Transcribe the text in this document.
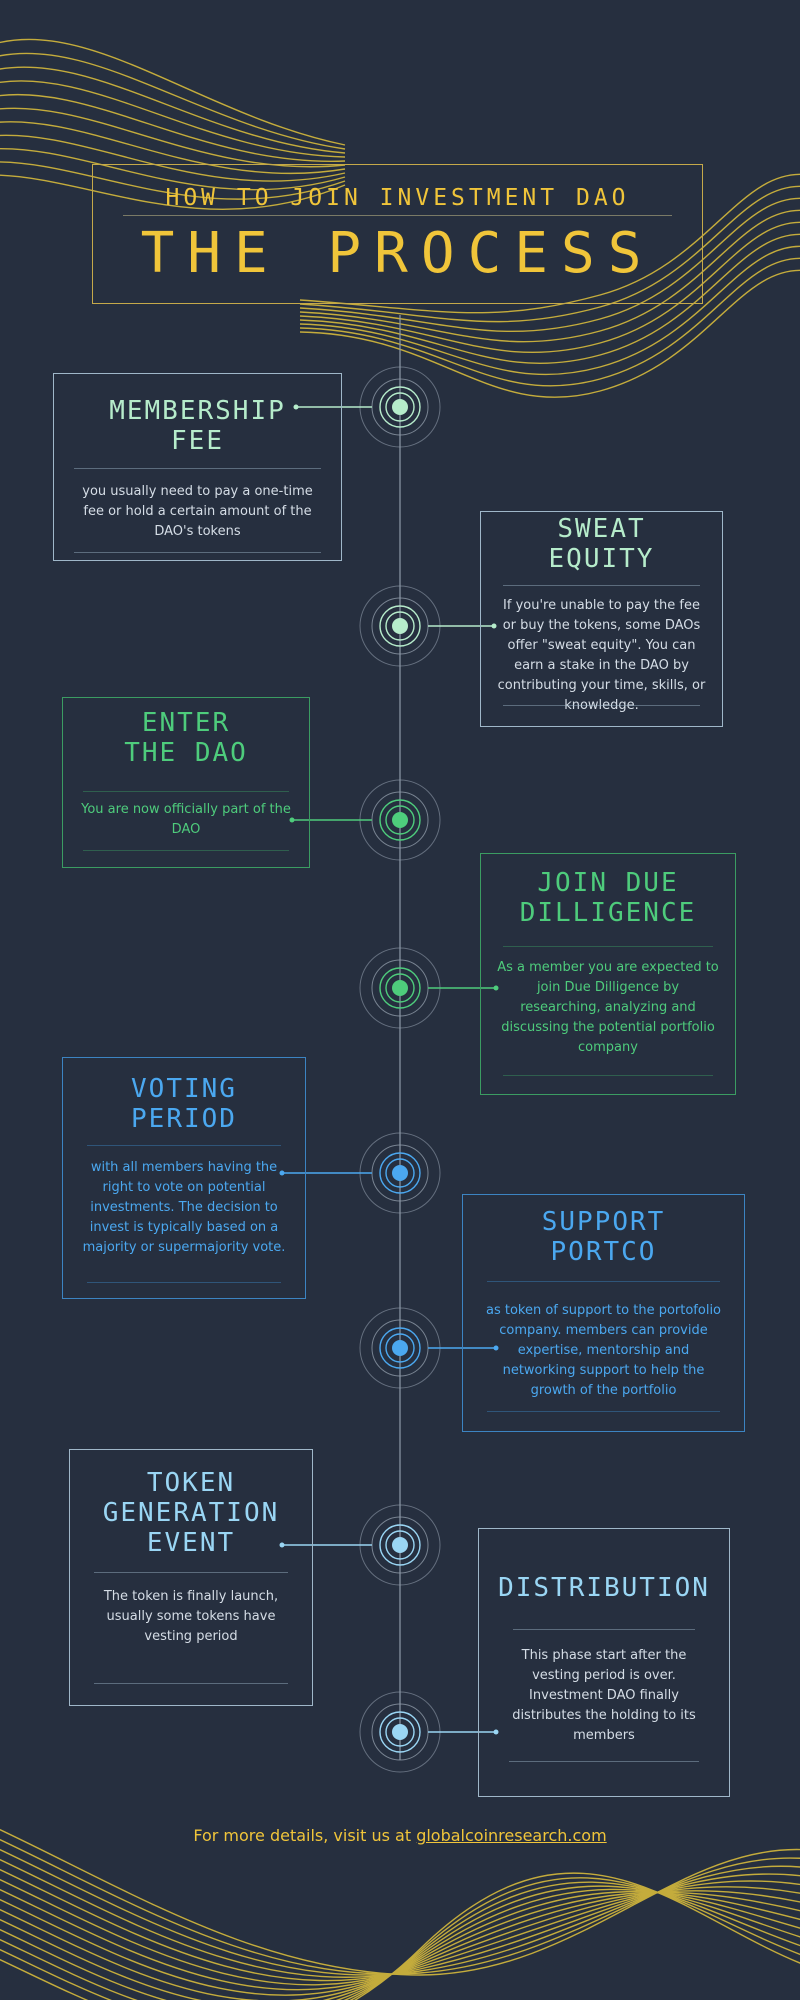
HOW TO JOIN INVESTMENT DAO
THE PROCESS
MEMBERSHIP
FEE
you usually need to pay a one-time fee or hold a certain amount of the DAO's tokens	SWEAT
EQUITY
If you're unable to pay the fee or buy the tokens, some DAOs offer "sweat equity". You can earn a stake in the DAO by contributing your time, skills, or knowledge.
ENTER
THE DAO
You are now officially part of the DAO
JOIN DUE
DILLIGENCE
As a member you are expected to join Due Dilligence by researching, analyzing and discussing the potential portfolio company
VOTING
PERIOD
with all members having the right to vote on potential investments. The decision to invest is typically based on a majority or supermajority vote.
SUPPORT
PORTCO
as token of support to the portofolio company. members can provide expertise, mentorship and networking support to help the growth of the portfolio
TOKEN
GENERATION
EVENT
The token is finally launch, usually some tokens have vesting period
DISTRIBUTION
This phase start after the vesting period is over. Investment DAO finally distributes the holding to its members
For more details, visit us at globalcoinresearch.com
